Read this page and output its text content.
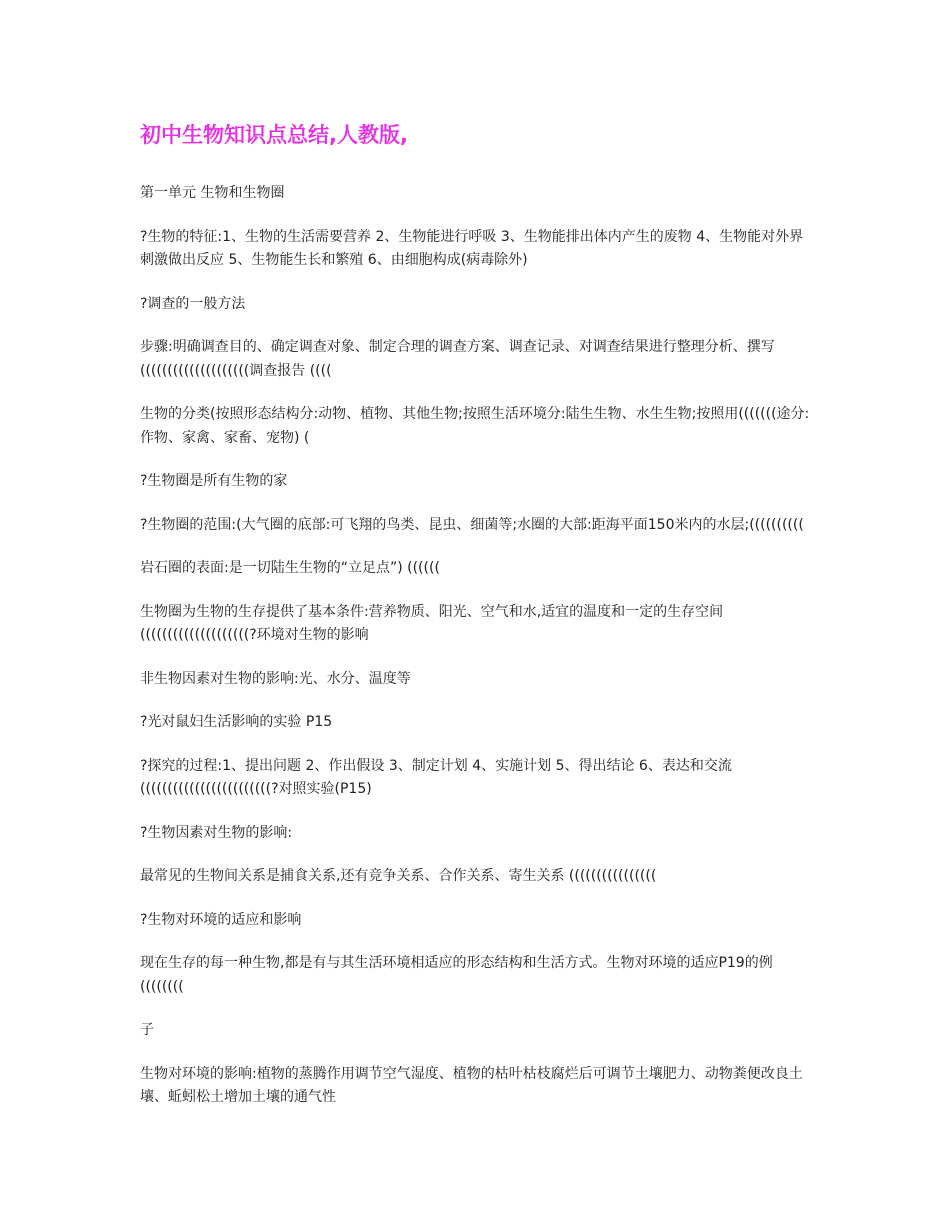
初中生物知识点总结,人教版,

第一单元 生物和生物圈

?生物的特征:1、生物的生活需要营养 2、生物能进行呼吸 3、生物能排出体内产生的废物 4、生物能对外界刺激做出反应 5、生物能生长和繁殖 6、由细胞构成(病毒除外)

?调查的一般方法

步骤:明确调查目的、确定调查对象、制定合理的调查方案、调查记录、对调查结果进行整理分析、撰写((((((((((((((((((((调查报告 ((((

生物的分类(按照形态结构分:动物、植物、其他生物;按照生活环境分:陆生生物、水生生物;按照用(((((((途分:作物、家禽、家畜、宠物) (

?生物圈是所有生物的家

?生物圈的范围:(大气圈的底部:可飞翔的鸟类、昆虫、细菌等;水圈的大部:距海平面150米内的水层;((((((((((

岩石圈的表面:是一切陆生生物的“立足点”) ((((((

生物圈为生物的生存提供了基本条件:营养物质、阳光、空气和水,适宜的温度和一定的生存空间((((((((((((((((((((?环境对生物的影响

非生物因素对生物的影响:光、水分、温度等

?光对鼠妇生活影响的实验 P15

?探究的过程:1、提出问题 2、作出假设 3、制定计划 4、实施计划 5、得出结论 6、表达和交流 ((((((((((((((((((((((((?对照实验(P15)

?生物因素对生物的影响:

最常见的生物间关系是捕食关系,还有竞争关系、合作关系、寄生关系 ((((((((((((((((

?生物对环境的适应和影响

现在生存的每一种生物,都是有与其生活环境相适应的形态结构和生活方式。生物对环境的适应P19的例((((((((

子

生物对环境的影响:植物的蒸腾作用调节空气湿度、植物的枯叶枯枝腐烂后可调节土壤肥力、动物粪便改良土壤、蚯蚓松土增加土壤的通气性
